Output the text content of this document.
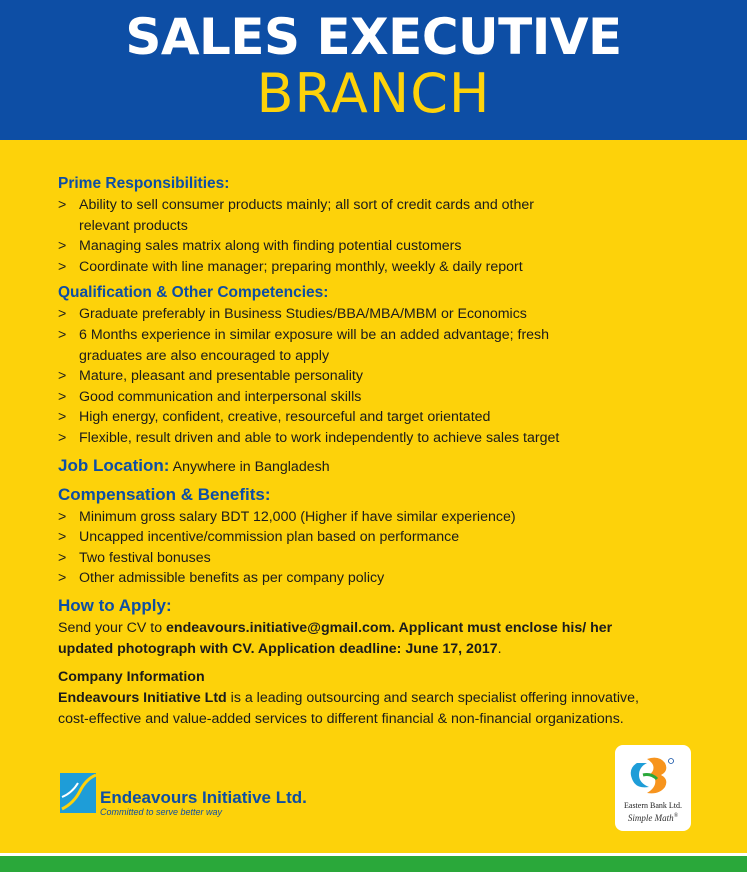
SALES EXECUTIVE
BRANCH
Prime Responsibilities:
> Ability to sell consumer products mainly; all sort of credit cards and other
relevant products
> Managing sales matrix along with finding potential customers
> Coordinate with line manager; preparing monthly, weekly & daily report
Qualification & Other Competencies:
> Graduate preferably in Business Studies/BBA/MBA/MBM or Economics
> 6 Months experience in similar exposure will be an added advantage; fresh
graduates are also encouraged to apply
> Mature, pleasant and presentable personality
> Good communication and interpersonal skills
> High energy, confident, creative, resourceful and target orientated
> Flexible, result driven and able to work independently to achieve sales target
Job Location: Anywhere in Bangladesh
Compensation & Benefits:
> Minimum gross salary BDT 12,000 (Higher if have similar experience)
> Uncapped incentive/commission plan based on performance
> Two festival bonuses
> Other admissible benefits as per company policy
How to Apply:

Send your CV to endeavours.initiative@gmail.com. Applicant must enclose his/ her
updated photograph with CV. Application deadline: June 17, 2017.

Company Information

Endeavours Initiative Ltd is a leading outsourcing and search specialist offering innovative,
cost-effective and value-added services to different financial & non-financial organizations.

Endeavours Initiative Ltd.
Committed to serve better way
Eastern Bank Ltd.
Simple Math®
